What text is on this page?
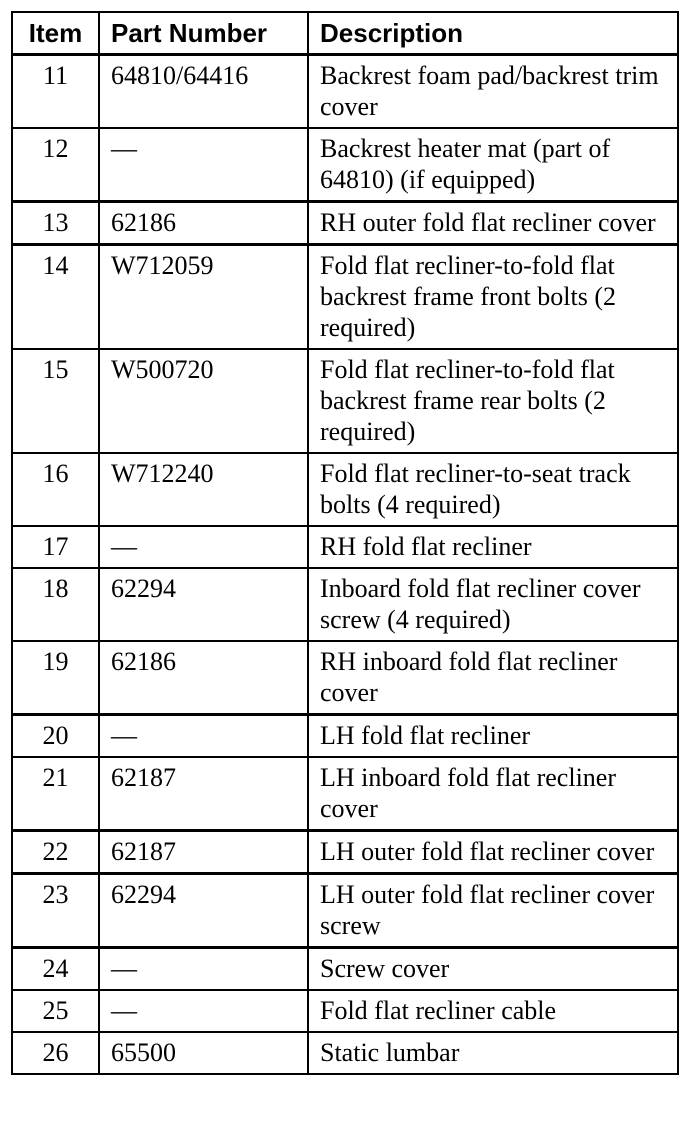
Item	Part Number	Description
11	64810/64416	Backrest foam pad/backrest trim cover
12	—	Backrest heater mat (part of 64810) (if equipped)
13	62186	RH outer fold flat recliner cover
14	W712059	Fold flat recliner-to-fold flat backrest frame front bolts (2 required)
15	W500720	Fold flat recliner-to-fold flat backrest frame rear bolts (2 required)
16	W712240	Fold flat recliner-to-seat track bolts (4 required)
17	—	RH fold flat recliner
18	62294	Inboard fold flat recliner cover screw (4 required)
19	62186	RH inboard fold flat recliner cover
20	—	LH fold flat recliner
21	62187	LH inboard fold flat recliner cover
22	62187	LH outer fold flat recliner cover
23	62294	LH outer fold flat recliner cover screw
24	—	Screw cover
25	—	Fold flat recliner cable
26	65500	Static lumbar
